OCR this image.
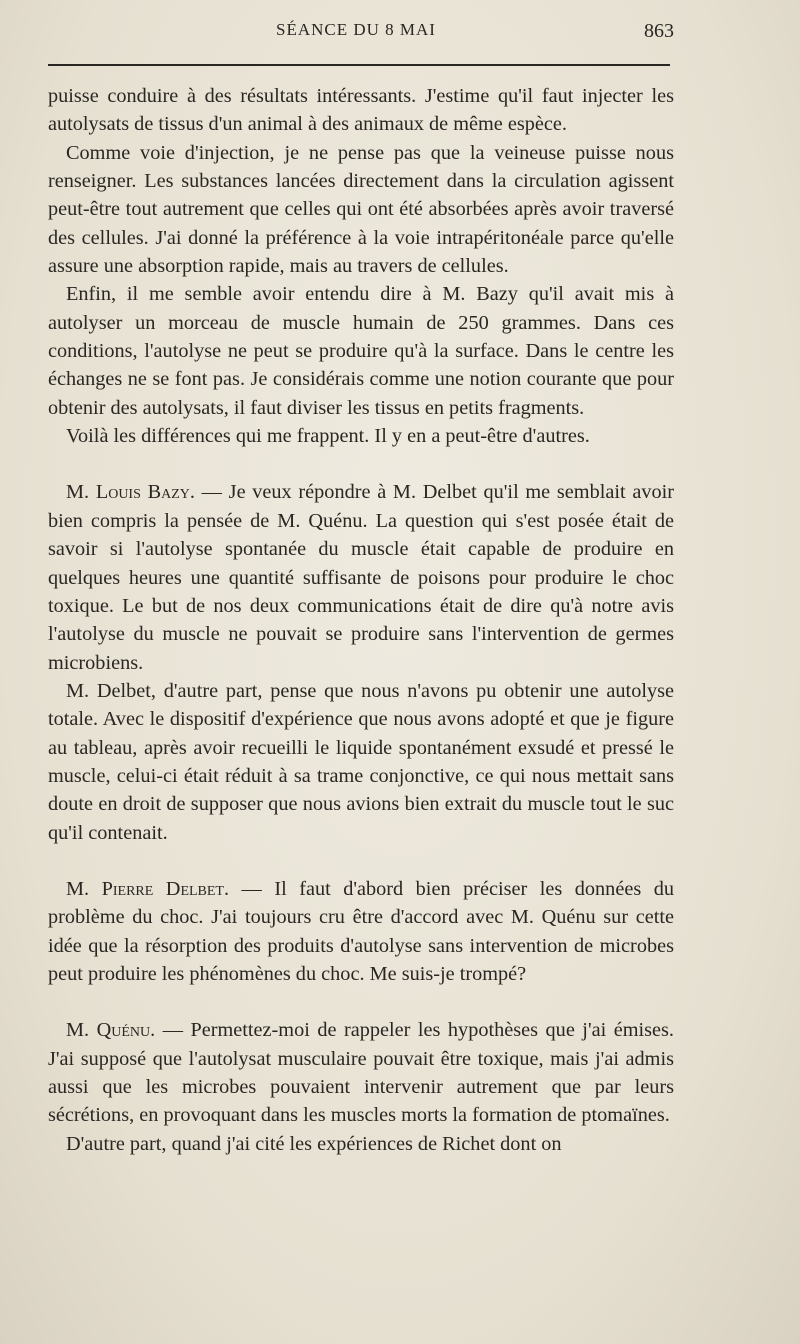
SÉANCE DU 8 MAI	863

puisse conduire à des résultats intéressants. J'estime qu'il faut injecter les autolysats de tissus d'un animal à des animaux de même espèce.

Comme voie d'injection, je ne pense pas que la veineuse puisse nous renseigner. Les substances lancées directement dans la circulation agissent peut-être tout autrement que celles qui ont été absorbées après avoir traversé des cellules. J'ai donné la préférence à la voie intrapéritonéale parce qu'elle assure une absorption rapide, mais au travers de cellules.

Enfin, il me semble avoir entendu dire à M. Bazy qu'il avait mis à autolyser un morceau de muscle humain de 250 grammes. Dans ces conditions, l'autolyse ne peut se produire qu'à la surface. Dans le centre les échanges ne se font pas. Je considérais comme une notion courante que pour obtenir des autolysats, il faut diviser les tissus en petits fragments.

Voilà les différences qui me frappent. Il y en a peut-être d'autres.

M. Louis Bazy. — Je veux répondre à M. Delbet qu'il me semblait avoir bien compris la pensée de M. Quénu. La question qui s'est posée était de savoir si l'autolyse spontanée du muscle était capable de produire en quelques heures une quantité suffisante de poisons pour produire le choc toxique. Le but de nos deux communications était de dire qu'à notre avis l'autolyse du muscle ne pouvait se produire sans l'intervention de germes microbiens.

M. Delbet, d'autre part, pense que nous n'avons pu obtenir une autolyse totale. Avec le dispositif d'expérience que nous avons adopté et que je figure au tableau, après avoir recueilli le liquide spontanément exsudé et pressé le muscle, celui-ci était réduit à sa trame conjonctive, ce qui nous mettait sans doute en droit de supposer que nous avions bien extrait du muscle tout le suc qu'il contenait.

M. Pierre Delbet. — Il faut d'abord bien préciser les données du problème du choc. J'ai toujours cru être d'accord avec M. Quénu sur cette idée que la résorption des produits d'autolyse sans intervention de microbes peut produire les phénomènes du choc. Me suis-je trompé?

M. Quénu. — Permettez-moi de rappeler les hypothèses que j'ai émises. J'ai supposé que l'autolysat musculaire pouvait être toxique, mais j'ai admis aussi que les microbes pouvaient intervenir autrement que par leurs sécrétions, en provoquant dans les muscles morts la formation de ptomaïnes.

D'autre part, quand j'ai cité les expériences de Richet dont on
